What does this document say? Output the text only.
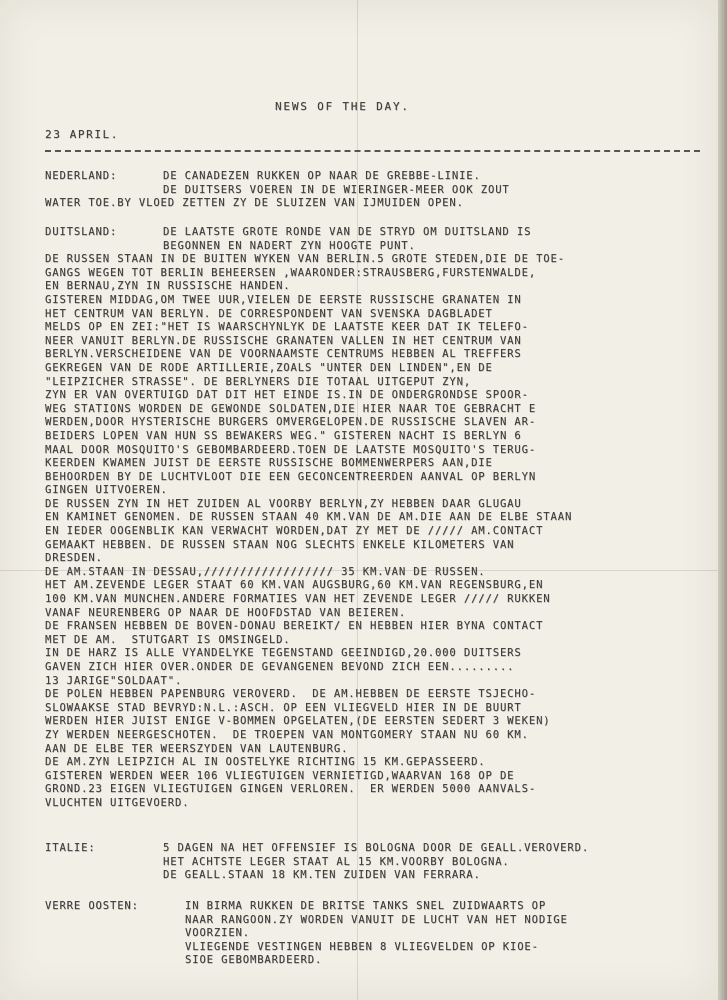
NEWS OF THE DAY.
23 APRIL.
NEDERLAND:	DE CANADEZEN RUKKEN OP NAAR DE GREBBE-LINIE.
DE DUITSERS VOEREN IN DE WIERINGER-MEER OOK ZOUT
WATER TOE.BY VLOED ZETTEN ZY DE SLUIZEN VAN IJMUIDEN OPEN.
DUITSLAND:	DE LAATSTE GROTE RONDE VAN DE STRYD OM DUITSLAND IS
BEGONNEN EN NADERT ZYN HOOGTE PUNT.
DE RUSSEN STAAN IN DE BUITEN WYKEN VAN BERLIN.5 GROTE STEDEN,DIE DE TOE-
GANGS WEGEN TOT BERLIN BEHEERSEN ,WAARONDER:STRAUSBERG,FURSTENWALDE,
EN BERNAU,ZYN IN RUSSISCHE HANDEN.
GISTEREN MIDDAG,OM TWEE UUR,VIELEN DE EERSTE RUSSISCHE GRANATEN IN
HET CENTRUM VAN BERLYN. DE CORRESPONDENT VAN SVENSKA DAGBLADET
MELDS OP EN ZEI:"HET IS WAARSCHYNLYK DE LAATSTE KEER DAT IK TELEFO-
NEER VANUIT BERLYN.DE RUSSISCHE GRANATEN VALLEN IN HET CENTRUM VAN
BERLYN.VERSCHEIDENE VAN DE VOORNAAMSTE CENTRUMS HEBBEN AL TREFFERS
GEKREGEN VAN DE RODE ARTILLERIE,ZOALS "UNTER DEN LINDEN",EN DE
"LEIPZICHER STRASSE". DE BERLYNERS DIE TOTAAL UITGEPUT ZYN,
ZYN ER VAN OVERTUIGD DAT DIT HET EINDE IS.IN DE ONDERGRONDSE SPOOR-
WEG STATIONS WORDEN DE GEWONDE SOLDATEN,DIE HIER NAAR TOE GEBRACHT E
WERDEN,DOOR HYSTERISCHE BURGERS OMVERGELOPEN.DE RUSSISCHE SLAVEN AR-
BEIDERS LOPEN VAN HUN SS BEWAKERS WEG." GISTEREN NACHT IS BERLYN 6
MAAL DOOR MOSQUITO'S GEBOMBARDEERD.TOEN DE LAATSTE MOSQUITO'S TERUG-
KEERDEN KWAMEN JUIST DE EERSTE RUSSISCHE BOMMENWERPERS AAN,DIE
BEHOORDEN BY DE LUCHTVLOOT DIE EEN GECONCENTREERDEN AANVAL OP BERLYN
GINGEN UITVOEREN.
DE RUSSEN ZYN IN HET ZUIDEN AL VOORBY BERLYN,ZY HEBBEN DAAR GLUGAU
EN KAMINET GENOMEN. DE RUSSEN STAAN 40 KM.VAN DE AM.DIE AAN DE ELBE STAAN
EN IEDER OOGENBLIK KAN VERWACHT WORDEN,DAT ZY MET DE ///// AM.CONTACT
GEMAAKT HEBBEN. DE RUSSEN STAAN NOG SLECHTS ENKELE KILOMETERS VAN
DRESDEN.
DE AM.STAAN IN DESSAU,////////////////// 35 KM.VAN DE RUSSEN.
HET AM.ZEVENDE LEGER STAAT 60 KM.VAN AUGSBURG,60 KM.VAN REGENSBURG,EN
100 KM.VAN MUNCHEN.ANDERE FORMATIES VAN HET ZEVENDE LEGER ///// RUKKEN
VANAF NEURENBERG OP NAAR DE HOOFDSTAD VAN BEIEREN.
DE FRANSEN HEBBEN DE BOVEN-DONAU BEREIKT/ EN HEBBEN HIER BYNA CONTACT
MET DE AM.  STUTGART IS OMSINGELD.
IN DE HARZ IS ALLE VYANDELYKE TEGENSTAND GEEINDIGD,20.000 DUITSERS
GAVEN ZICH HIER OVER.ONDER DE GEVANGENEN BEVOND ZICH EEN.........
13 JARIGE"SOLDAAT".
DE POLEN HEBBEN PAPENBURG VEROVERD.  DE AM.HEBBEN DE EERSTE TSJECHO-
SLOWAAKSE STAD BEVRYD:N.L.:ASCH. OP EEN VLIEGVELD HIER IN DE BUURT
WERDEN HIER JUIST ENIGE V-BOMMEN OPGELATEN,(DE EERSTEN SEDERT 3 WEKEN)
ZY WERDEN NEERGESCHOTEN.  DE TROEPEN VAN MONTGOMERY STAAN NU 60 KM.
AAN DE ELBE TER WEERSZYDEN VAN LAUTENBURG.
DE AM.ZYN LEIPZICH AL IN OOSTELYKE RICHTING 15 KM.GEPASSEERD.
GISTEREN WERDEN WEER 106 VLIEGTUIGEN VERNIETIGD,WAARVAN 168 OP DE
GROND.23 EIGEN VLIEGTUIGEN GINGEN VERLOREN.  ER WERDEN 5000 AANVALS-
VLUCHTEN UITGEVOERD.
ITALIE:	5 DAGEN NA HET OFFENSIEF IS BOLOGNA DOOR DE GEALL.VEROVERD.
HET ACHTSTE LEGER STAAT AL 15 KM.VOORBY BOLOGNA.
DE GEALL.STAAN 18 KM.TEN ZUIDEN VAN FERRARA.
VERRE OOSTEN:	IN BIRMA RUKKEN DE BRITSE TANKS SNEL ZUIDWAARTS OP
NAAR RANGOON.ZY WORDEN VANUIT DE LUCHT VAN HET NODIGE
VOORZIEN.
VLIEGENDE VESTINGEN HEBBEN 8 VLIEGVELDEN OP KIOE-
SIOE GEBOMBARDEERD.
